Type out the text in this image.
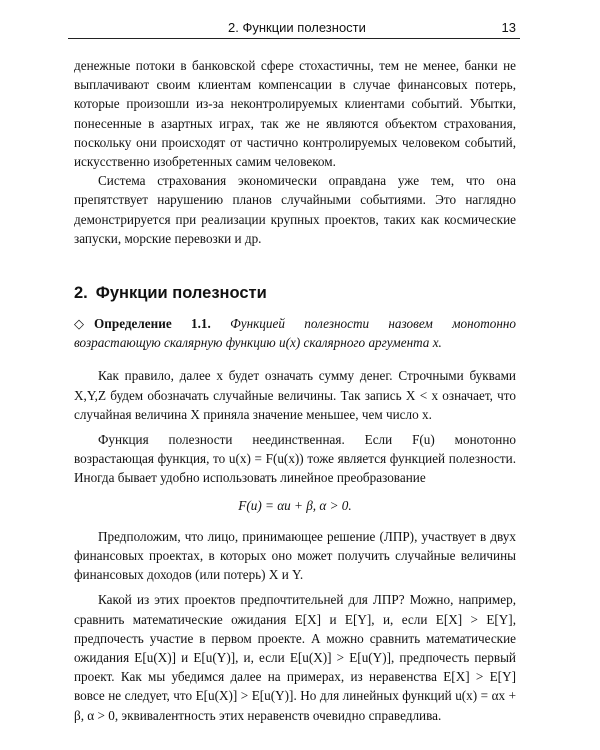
2. Функции полезности	13

денежные потоки в банковской сфере стохастичны, тем не менее, банки не выплачивают своим клиентам компенсации в случае финансовых потерь, которые произошли из-за неконтролируемых клиентами событий. Убытки, понесенные в азартных играх, так же не являются объектом страхования, поскольку они происходят от частично контролируемых человеком событий, искусственно изобретенных самим человеком.

Система страхования экономически оправдана уже тем, что она препятствует нарушению планов случайными событиями. Это наглядно демонстрируется при реализации крупных проектов, таких как космические запуски, морские перевозки и др.

2. Функции полезности

◇ Определение 1.1. Функцией полезности назовем монотонно возрастающую скалярную функцию u(x) скалярного аргумента x.

Как правило, далее x будет означать сумму денег. Строчными буквами X,Y,Z будем обозначать случайные величины. Так запись X < x означает, что случайная величина X приняла значение меньшее, чем число x.

Функция полезности неединственная. Если F(u) монотонно возрастающая функция, то u(x) = F(u(x)) тоже является функцией полезности. Иногда бывает удобно использовать линейное преобразование

F(u) = αu + β, α > 0.

Предположим, что лицо, принимающее решение (ЛПР), участвует в двух финансовых проектах, в которых оно может получить случайные величины финансовых доходов (или потерь) X и Y.

Какой из этих проектов предпочтительней для ЛПР? Можно, например, сравнить математические ожидания E[X] и E[Y], и, если E[X] > E[Y], предпочесть участие в первом проекте. А можно сравнить математические ожидания E[u(X)] и E[u(Y)], и, если E[u(X)] > E[u(Y)], предпочесть первый проект. Как мы убедимся далее на примерах, из неравенства E[X] > E[Y] вовсе не следует, что E[u(X)] > E[u(Y)]. Но для линейных функций u(x) = αx + β, α > 0, эквивалентность этих неравенств очевидно справедлива.
